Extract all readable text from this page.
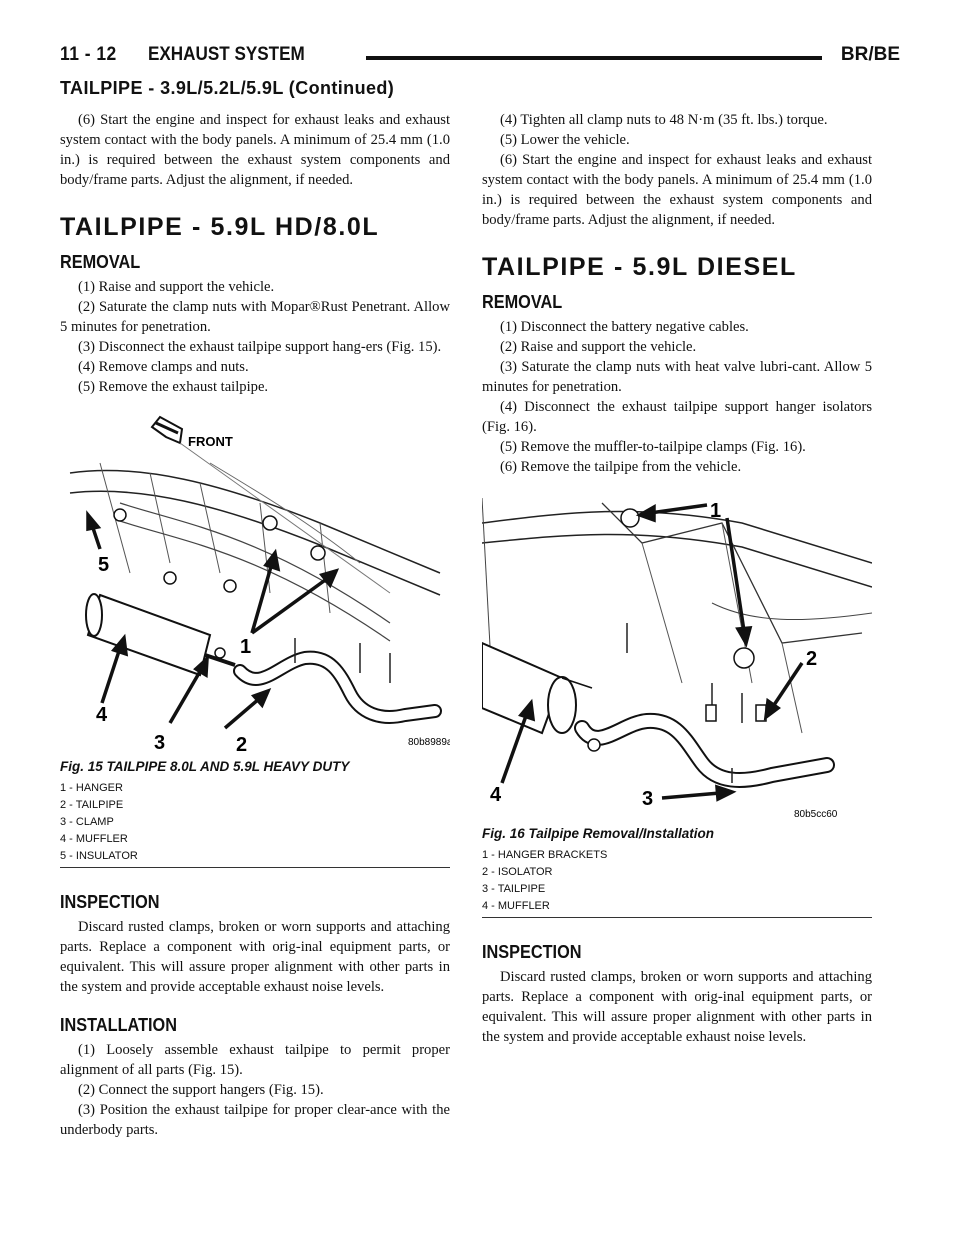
11 - 12 EXHAUST SYSTEM	BR/BE
TAILPIPE - 3.9L/5.2L/5.9L (Continued)

(6) Start the engine and inspect for exhaust leaks and exhaust system contact with the body panels. A minimum of 25.4 mm (1.0 in.) is required between the exhaust system components and body/frame parts. Adjust the alignment, if needed.

TAILPIPE - 5.9L HD/8.0L
REMOVAL

(1) Raise and support the vehicle.

(2) Saturate the clamp nuts with Mopar®Rust Penetrant. Allow 5 minutes for penetration.

(3) Disconnect the exhaust tailpipe support hang-ers (Fig. 15).

(4) Remove clamps and nuts.

(5) Remove the exhaust tailpipe.

FRONT
5
1
4
3	2	80b8989a

Fig. 15 TAILPIPE 8.0L AND 5.9L HEAVY DUTY

1 - HANGER
2 - TAILPIPE
3 - CLAMP
4 - MUFFLER
5 - INSULATOR
INSPECTION

Discard rusted clamps, broken or worn supports and attaching parts. Replace a component with orig-inal equipment parts, or equivalent. This will assure proper alignment with other parts in the system and provide acceptable exhaust noise levels.

INSTALLATION

(1) Loosely assemble exhaust tailpipe to permit proper alignment of all parts (Fig. 15).

(2) Connect the support hangers (Fig. 15).

(3) Position the exhaust tailpipe for proper clear-ance with the underbody parts.

(4) Tighten all clamp nuts to 48 N·m (35 ft. lbs.) torque.

(5) Lower the vehicle.

(6) Start the engine and inspect for exhaust leaks and exhaust system contact with the body panels. A minimum of 25.4 mm (1.0 in.) is required between the exhaust system components and body/frame parts. Adjust the alignment, if needed.

TAILPIPE - 5.9L DIESEL
REMOVAL

(1) Disconnect the battery negative cables.

(2) Raise and support the vehicle.

(3) Saturate the clamp nuts with heat valve lubri-cant. Allow 5 minutes for penetration.

(4) Disconnect the exhaust tailpipe support hanger isolators (Fig. 16).

(5) Remove the muffler-to-tailpipe clamps (Fig. 16).

(6) Remove the tailpipe from the vehicle.

1
2
4	3
80b5cc60

Fig. 16 Tailpipe Removal/Installation

1 - HANGER BRACKETS
2 - ISOLATOR
3 - TAILPIPE
4 - MUFFLER
INSPECTION

Discard rusted clamps, broken or worn supports and attaching parts. Replace a component with orig-inal equipment parts, or equivalent. This will assure proper alignment with other parts in the system and provide acceptable exhaust noise levels.
